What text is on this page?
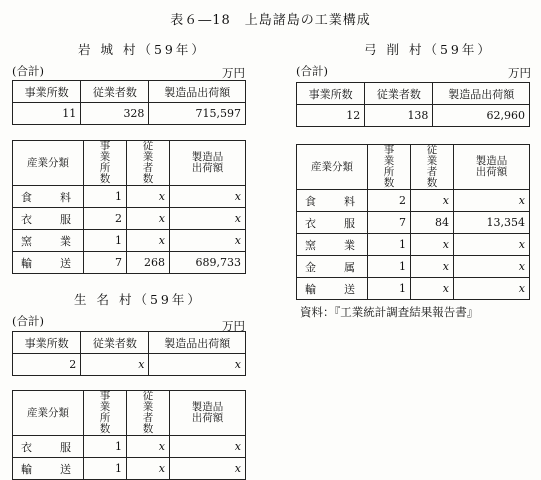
表６―18　上島諸島の工業構成
岩 城 村（59年）
(合計)	万円
事業所数	従業者数	製造品出荷額
11	328	715,597
産業分類	事業所数	従業者数	製造品出荷額
食料	1	x	x
衣服	2	x	x
窯業	1	x	x
輸送	7	268	689,733
弓 削 村（59年）
(合計)	万円
事業所数	従業者数	製造品出荷額
12	138	62,960
産業分類	事業所数	従業者数	製造品出荷額
食料	2	x	x
衣服	7	84	13,354
窯業	1	x	x
金属	1	x	x
輸送	1	x	x
資料：『工業統計調査結果報告書』
生 名 村（59年）
(合計)	万円
事業所数	従業者数	製造品出荷額
2	x	x
産業分類	事業所数	従業者数	製造品出荷額
衣服	1	x	x
輸送	1	x	x
